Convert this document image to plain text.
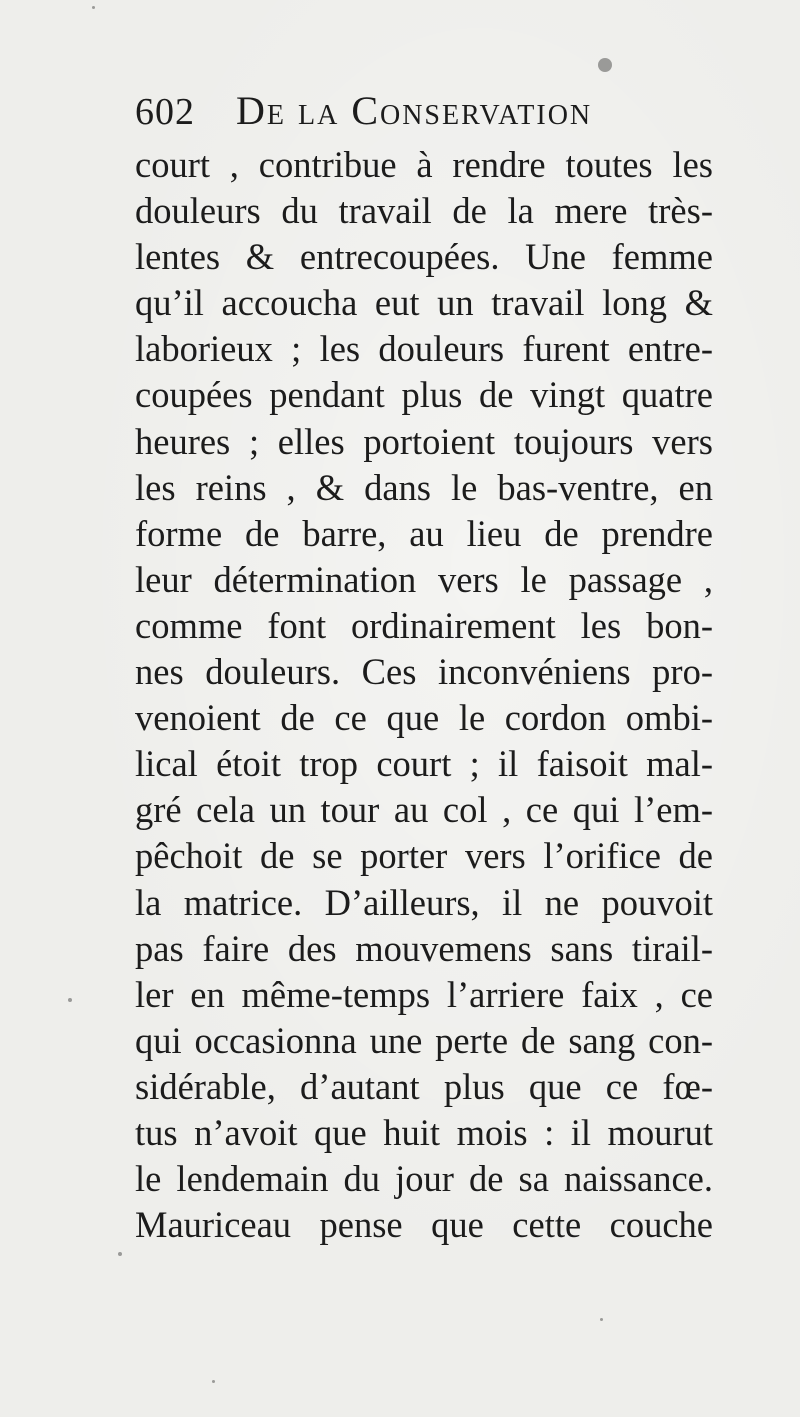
602 De la Conservation
court , contribue à rendre toutes les
douleurs du travail de la mere très-
lentes & entrecoupées. Une femme
qu’il accoucha eut un travail long &
laborieux ; les douleurs furent entre-
coupées pendant plus de vingt quatre
heures ; elles portoient toujours vers
les reins , & dans le bas-ventre, en
forme de barre, au lieu de prendre
leur détermination vers le passage ,
comme font ordinairement les bon-
nes douleurs. Ces inconvéniens pro-
venoient de ce que le cordon ombi-
lical étoit trop court ; il faisoit mal-
gré cela un tour au col , ce qui l’em-
pêchoit de se porter vers l’orifice de
la matrice. D’ailleurs, il ne pouvoit
pas faire des mouvemens sans tirail-
ler en même-temps l’arriere faix , ce
qui occasionna une perte de sang con-
sidérable, d’autant plus que ce fœ-
tus n’avoit que huit mois : il mourut
le lendemain du jour de sa naissance.
Mauriceau pense que cette couche
